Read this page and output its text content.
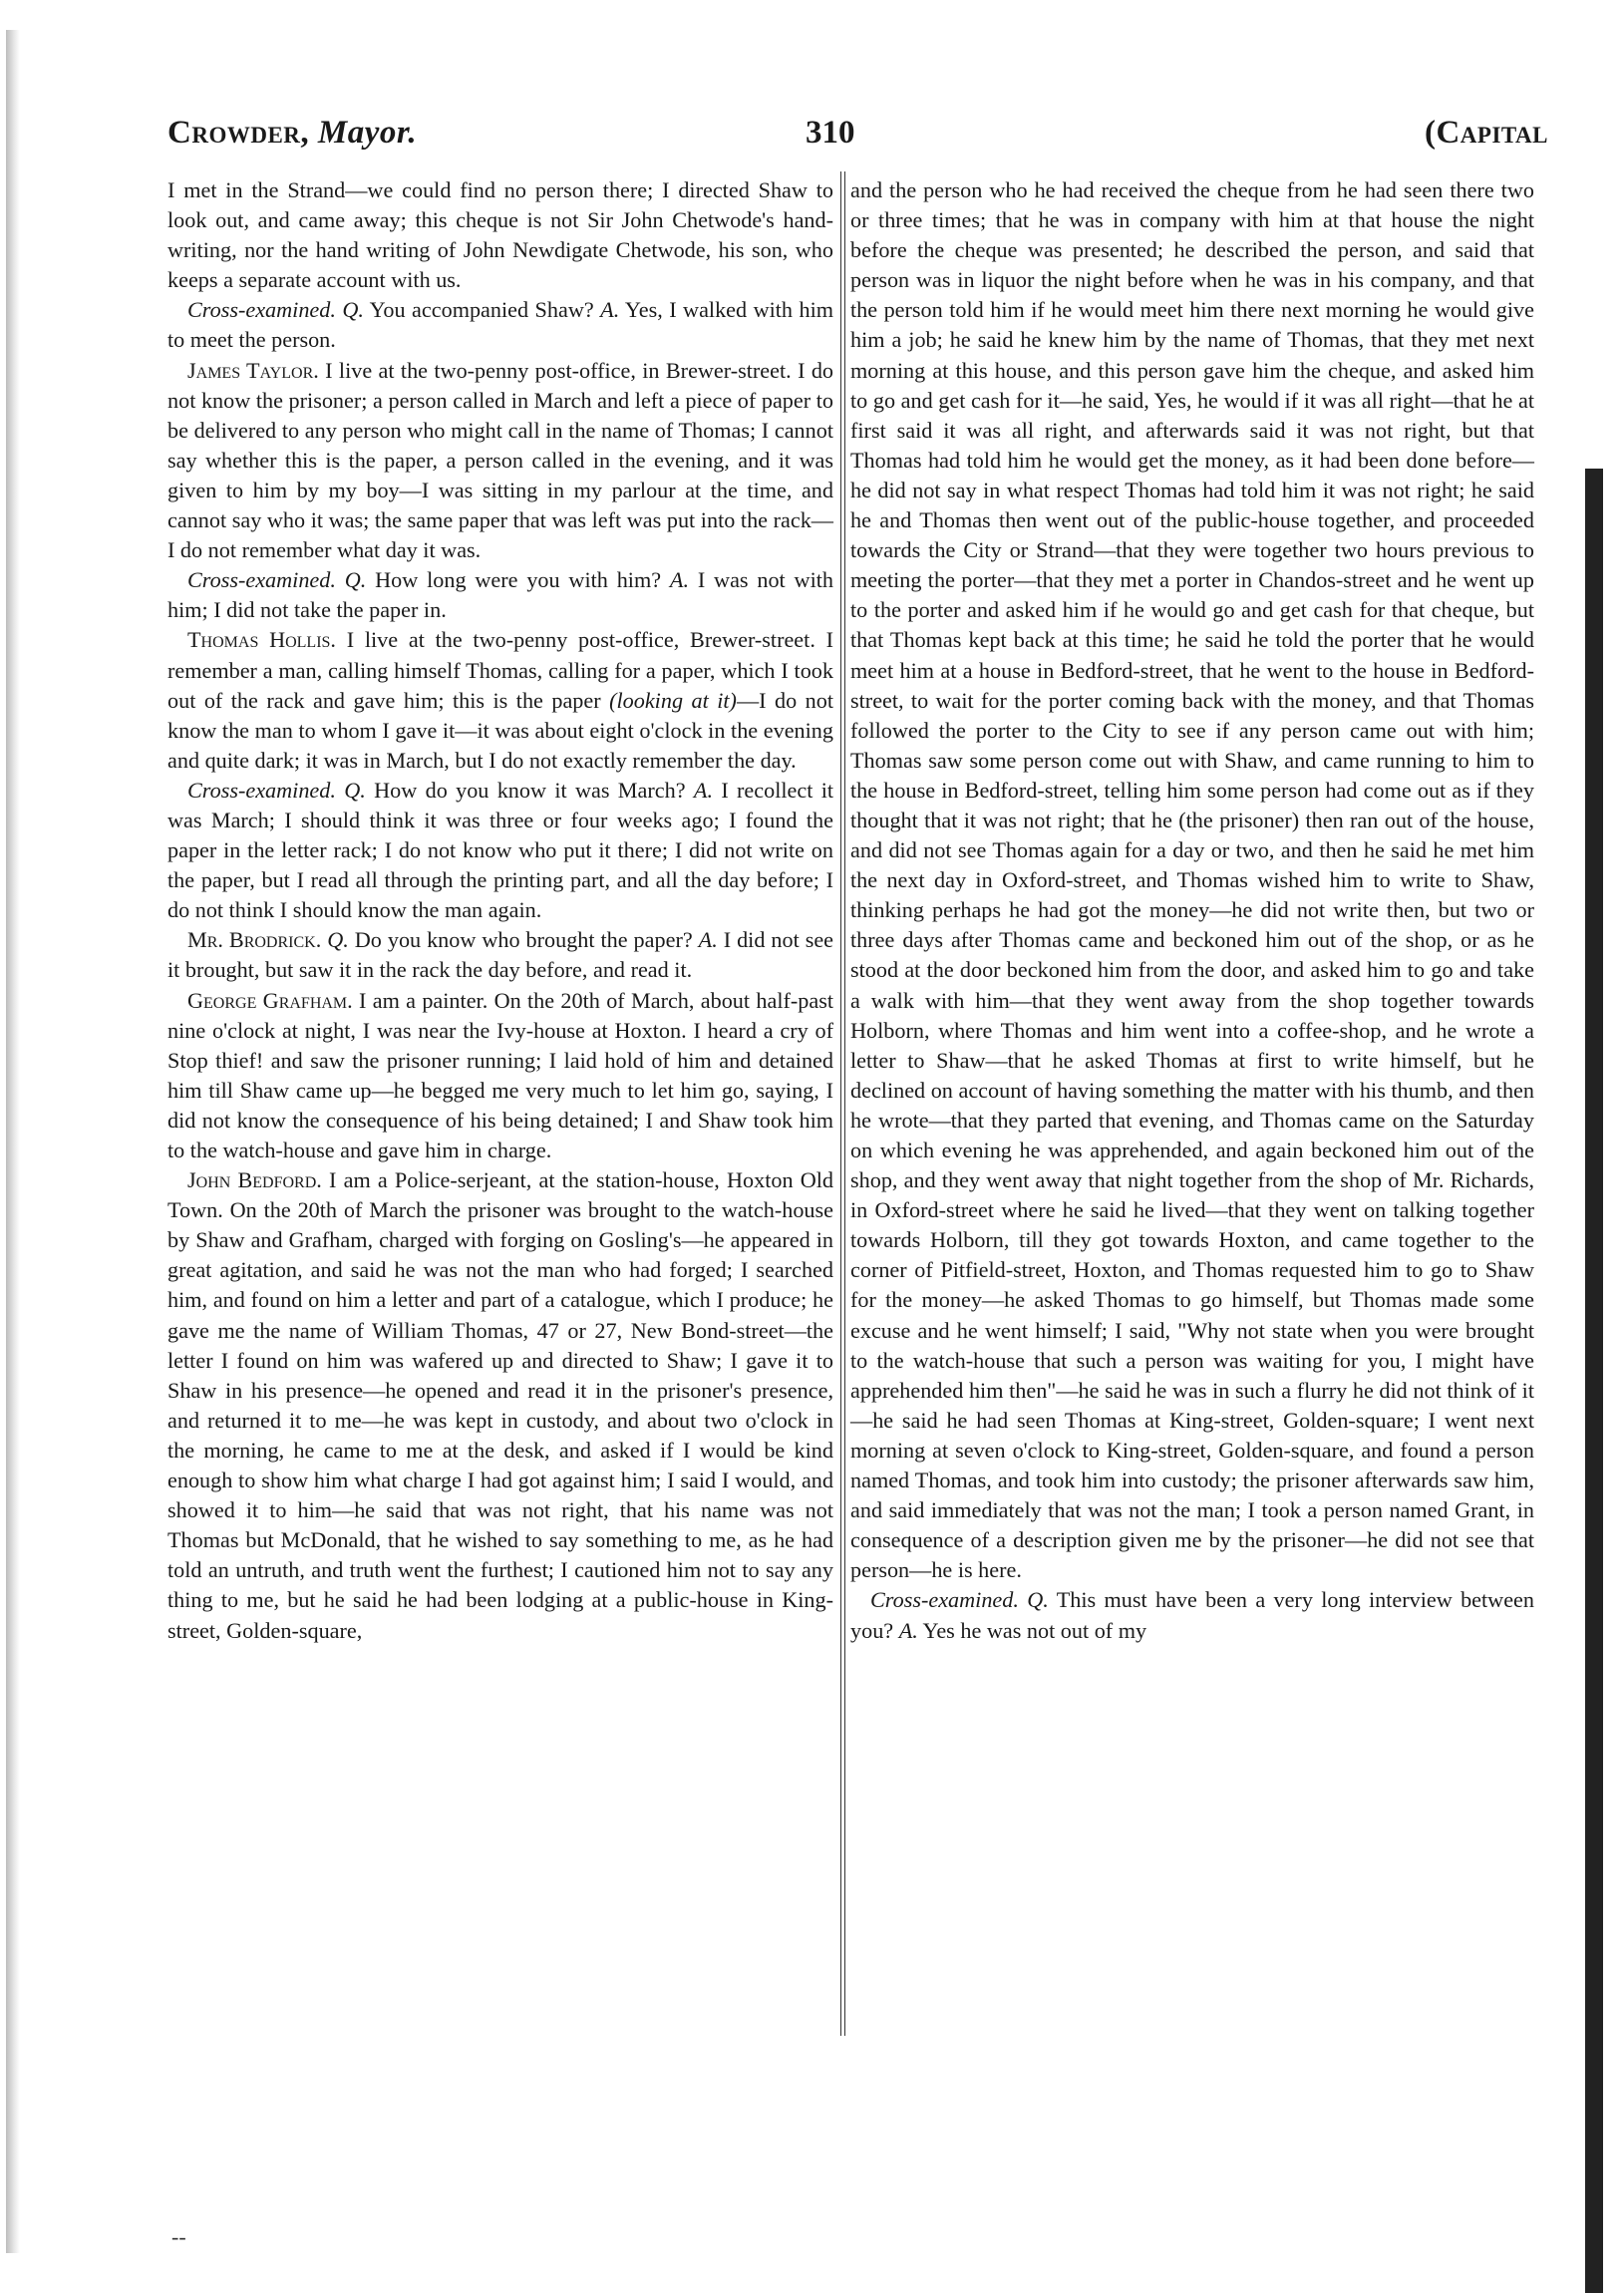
Crowder, Mayor.	310	(Capital

I met in the Strand—we could find no person there; I directed Shaw to look out, and came away; this cheque is not Sir John Chetwode's hand-writing, nor the hand writing of John Newdigate Chetwode, his son, who keeps a separate account with us.

Cross-examined. Q. You accompanied Shaw? A. Yes, I walked with him to meet the person.

James Taylor. I live at the two-penny post-office, in Brewer-street. I do not know the prisoner; a person called in March and left a piece of paper to be delivered to any person who might call in the name of Thomas; I cannot say whether this is the paper, a person called in the evening, and it was given to him by my boy—I was sitting in my parlour at the time, and cannot say who it was; the same paper that was left was put into the rack—I do not remember what day it was.

Cross-examined. Q. How long were you with him? A. I was not with him; I did not take the paper in.

Thomas Hollis. I live at the two-penny post-office, Brewer-street. I remember a man, calling himself Thomas, calling for a paper, which I took out of the rack and gave him; this is the paper (looking at it)—I do not know the man to whom I gave it—it was about eight o'clock in the evening and quite dark; it was in March, but I do not exactly remember the day.

Cross-examined. Q. How do you know it was March? A. I recollect it was March; I should think it was three or four weeks ago; I found the paper in the letter rack; I do not know who put it there; I did not write on the paper, but I read all through the printing part, and all the day before; I do not think I should know the man again.

Mr. Brodrick. Q. Do you know who brought the paper? A. I did not see it brought, but saw it in the rack the day before, and read it.

George Grafham. I am a painter. On the 20th of March, about half-past nine o'clock at night, I was near the Ivy-house at Hoxton. I heard a cry of Stop thief! and saw the prisoner running; I laid hold of him and detained him till Shaw came up—he begged me very much to let him go, saying, I did not know the consequence of his being detained; I and Shaw took him to the watch-house and gave him in charge.

John Bedford. I am a Police-serjeant, at the station-house, Hoxton Old Town. On the 20th of March the prisoner was brought to the watch-house by Shaw and Grafham, charged with forging on Gosling's—he appeared in great agitation, and said he was not the man who had forged; I searched him, and found on him a letter and part of a catalogue, which I produce; he gave me the name of William Thomas, 47 or 27, New Bond-street—the letter I found on him was wafered up and directed to Shaw; I gave it to Shaw in his presence—he opened and read it in the prisoner's presence, and returned it to me—he was kept in custody, and about two o'clock in the morning, he came to me at the desk, and asked if I would be kind enough to show him what charge I had got against him; I said I would, and showed it to him—he said that was not right, that his name was not Thomas but McDonald, that he wished to say something to me, as he had told an untruth, and truth went the furthest; I cautioned him not to say any thing to me, but he said he had been lodging at a public-house in King-street, Golden-square,

and the person who he had received the cheque from he had seen there two or three times; that he was in company with him at that house the night before the cheque was presented; he described the person, and said that person was in liquor the night before when he was in his company, and that the person told him if he would meet him there next morning he would give him a job; he said he knew him by the name of Thomas, that they met next morning at this house, and this person gave him the cheque, and asked him to go and get cash for it—he said, Yes, he would if it was all right—that he at first said it was all right, and afterwards said it was not right, but that Thomas had told him he would get the money, as it had been done before—he did not say in what respect Thomas had told him it was not right; he said he and Thomas then went out of the public-house together, and proceeded towards the City or Strand—that they were together two hours previous to meeting the porter—that they met a porter in Chandos-street and he went up to the porter and asked him if he would go and get cash for that cheque, but that Thomas kept back at this time; he said he told the porter that he would meet him at a house in Bedford-street, that he went to the house in Bedford-street, to wait for the porter coming back with the money, and that Thomas followed the porter to the City to see if any person came out with him; Thomas saw some person come out with Shaw, and came running to him to the house in Bedford-street, telling him some person had come out as if they thought that it was not right; that he (the prisoner) then ran out of the house, and did not see Thomas again for a day or two, and then he said he met him the next day in Oxford-street, and Thomas wished him to write to Shaw, thinking perhaps he had got the money—he did not write then, but two or three days after Thomas came and beckoned him out of the shop, or as he stood at the door beckoned him from the door, and asked him to go and take a walk with him—that they went away from the shop together towards Holborn, where Thomas and him went into a coffee-shop, and he wrote a letter to Shaw—that he asked Thomas at first to write himself, but he declined on account of having something the matter with his thumb, and then he wrote—that they parted that evening, and Thomas came on the Saturday on which evening he was apprehended, and again beckoned him out of the shop, and they went away that night together from the shop of Mr. Richards, in Oxford-street where he said he lived—that they went on talking together towards Holborn, till they got towards Hoxton, and came together to the corner of Pitfield-street, Hoxton, and Thomas requested him to go to Shaw for the money—he asked Thomas to go himself, but Thomas made some excuse and he went himself; I said, "Why not state when you were brought to the watch-house that such a person was waiting for you, I might have apprehended him then"—he said he was in such a flurry he did not think of it—he said he had seen Thomas at King-street, Golden-square; I went next morning at seven o'clock to King-street, Golden-square, and found a person named Thomas, and took him into custody; the prisoner afterwards saw him, and said immediately that was not the man; I took a person named Grant, in consequence of a description given me by the prisoner—he did not see that person—he is here.

Cross-examined. Q. This must have been a very long interview between you? A. Yes he was not out of my

--
